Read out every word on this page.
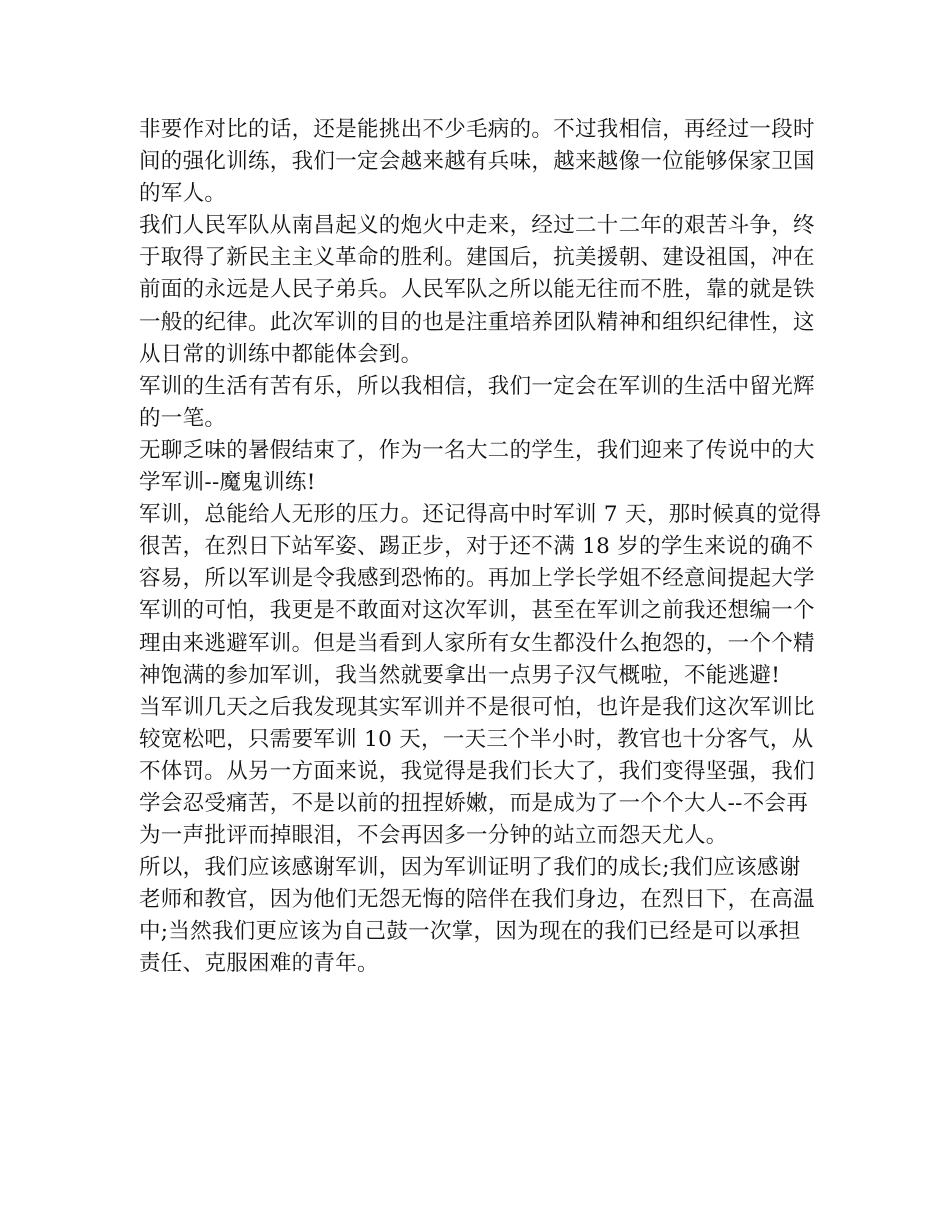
非要作对比的话，还是能挑出不少毛病的。不过我相信，再经过一段时
间的强化训练，我们一定会越来越有兵味，越来越像一位能够保家卫国
的军人。
我们人民军队从南昌起义的炮火中走来，经过二十二年的艰苦斗争，终
于取得了新民主主义革命的胜利。建国后，抗美援朝、建设祖国，冲在
前面的永远是人民子弟兵。人民军队之所以能无往而不胜，靠的就是铁
一般的纪律。此次军训的目的也是注重培养团队精神和组织纪律性，这
从日常的训练中都能体会到。
军训的生活有苦有乐，所以我相信，我们一定会在军训的生活中留光辉
的一笔。
无聊乏味的暑假结束了，作为一名大二的学生，我们迎来了传说中的大
学军训--魔鬼训练!
军训，总能给人无形的压力。还记得高中时军训 7 天，那时候真的觉得
很苦，在烈日下站军姿、踢正步，对于还不满 18 岁的学生来说的确不
容易，所以军训是令我感到恐怖的。再加上学长学姐不经意间提起大学
军训的可怕，我更是不敢面对这次军训，甚至在军训之前我还想编一个
理由来逃避军训。但是当看到人家所有女生都没什么抱怨的，一个个精
神饱满的参加军训，我当然就要拿出一点男子汉气概啦，不能逃避!
当军训几天之后我发现其实军训并不是很可怕，也许是我们这次军训比
较宽松吧，只需要军训 10 天，一天三个半小时，教官也十分客气，从
不体罚。从另一方面来说，我觉得是我们长大了，我们变得坚强，我们
学会忍受痛苦，不是以前的扭捏娇嫩，而是成为了一个个大人--不会再
为一声批评而掉眼泪，不会再因多一分钟的站立而怨天尤人。
所以，我们应该感谢军训，因为军训证明了我们的成长;我们应该感谢
老师和教官，因为他们无怨无悔的陪伴在我们身边，在烈日下，在高温
中;当然我们更应该为自己鼓一次掌，因为现在的我们已经是可以承担
责任、克服困难的青年。
